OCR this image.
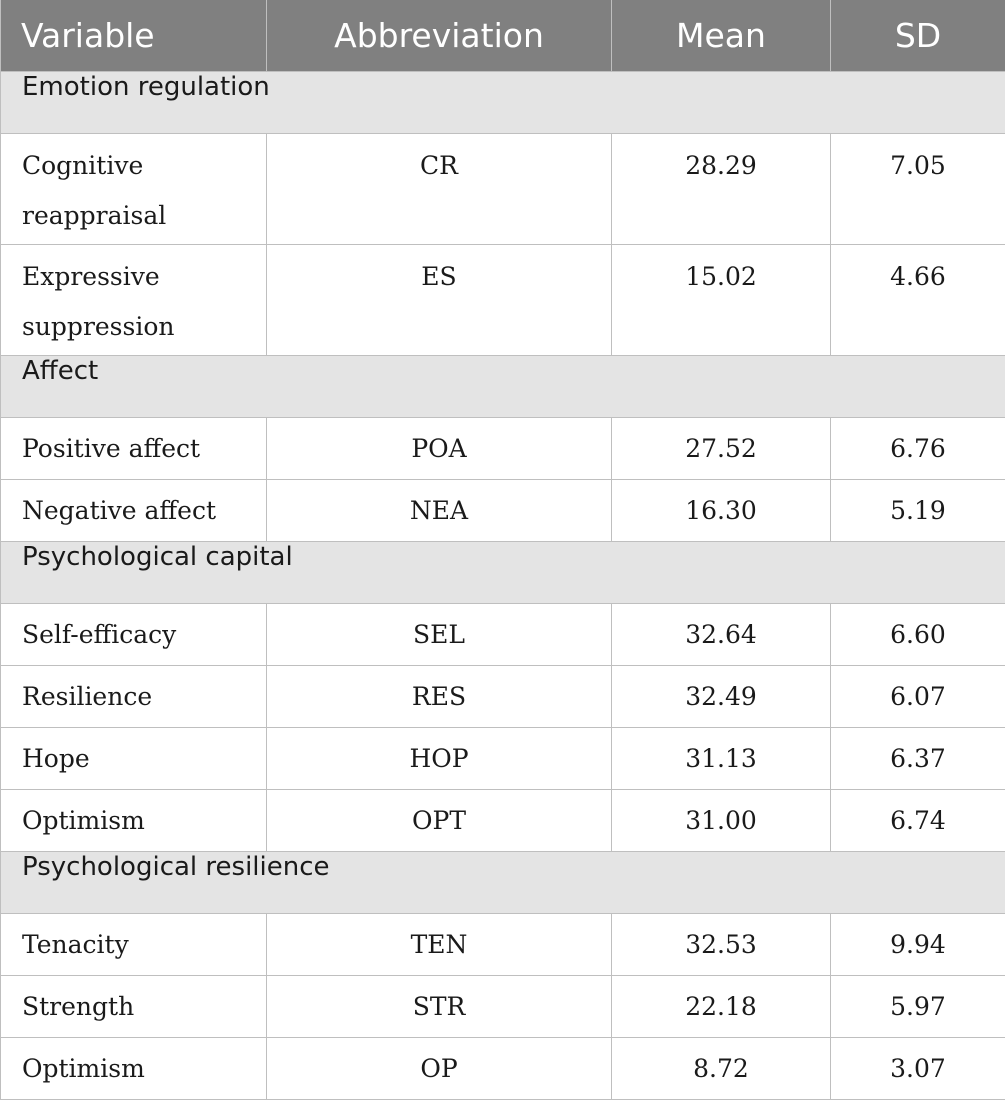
Variable	Abbreviation	Mean	SD
Emotion regulation			
Cognitive reappraisal	CR	28.29	7.05
Expressive suppression	ES	15.02	4.66
Affect			
Positive affect	POA	27.52	6.76
Negative affect	NEA	16.30	5.19
Psychological capital			
Self-efficacy	SEL	32.64	6.60
Resilience	RES	32.49	6.07
Hope	HOP	31.13	6.37
Optimism	OPT	31.00	6.74
Psychological resilience			
Tenacity	TEN	32.53	9.94
Strength	STR	22.18	5.97
Optimism	OP	8.72	3.07
